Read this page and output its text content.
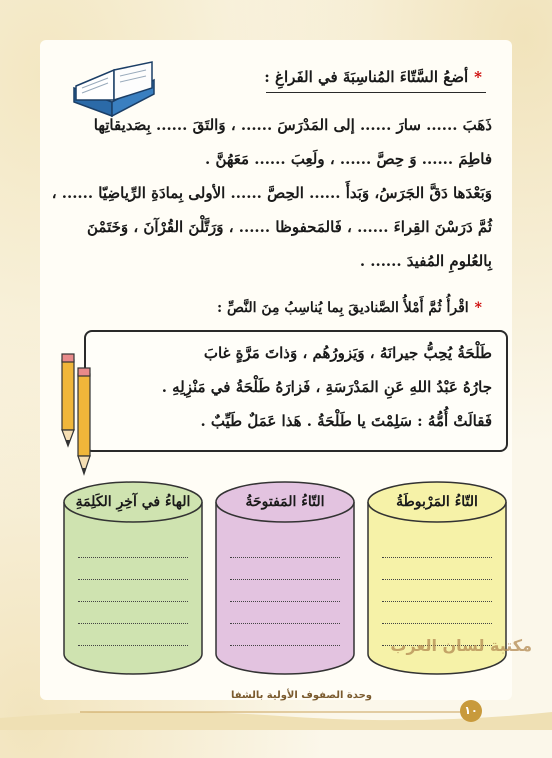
*أضعُ السَّتّاءَ المُناسِبَةَ في الفَراغِ :
ذَهَبَ ...... سارَ ...... إلى المَدْرَسَ ...... ، وَالتَقَ ...... بِصَديقاتِها
فاطِمَ ...... وَ حِصَّ ...... ، ولَعِبَ ...... مَعَهُنَّ .
وَبَعْدَها دَقَّ الجَرَسُ، وَبَدأَ ...... الحِصَّ ...... الأولى بِمادَةِ الرِّياضِيّا ...... ،
ثُمَّ دَرَسْنَ القِراءَ ...... ، فَالمَحفوظا ...... ، وَرَتَّلْنَ القُرْآنَ ، وَخَتَمْنَ
بِالعُلومِ المُفيدَ ...... .
*اقْرأُ ثُمَّ أَمْلأُ الصَّناديقَ بِما يُناسِبُ مِنَ النَّصِّ :
طَلْحَةُ يُحِبُّ جيرانَهُ ، وَيَزورُهُم ، وَذاتَ مَرَّةٍ غابَ
جارُهُ عَبْدُ اللهِ عَنِ المَدْرَسَةِ ، فَزارَهُ طَلْحَةُ في مَنْزِلِهِ .
فَقالَتْ أُمُّهُ : سَلِمْتَ يا طَلْحَةُ . هَذا عَمَلٌ طَيِّبٌ .
التّاءُ المَرْبوطَةُ
التّاءُ المَفتوحَةُ
الهاءُ في آخِرِ الكَلِمَةِ
مكتبة لسان العرب
وحدة الصفوف الأولية بالشفا
١٠
